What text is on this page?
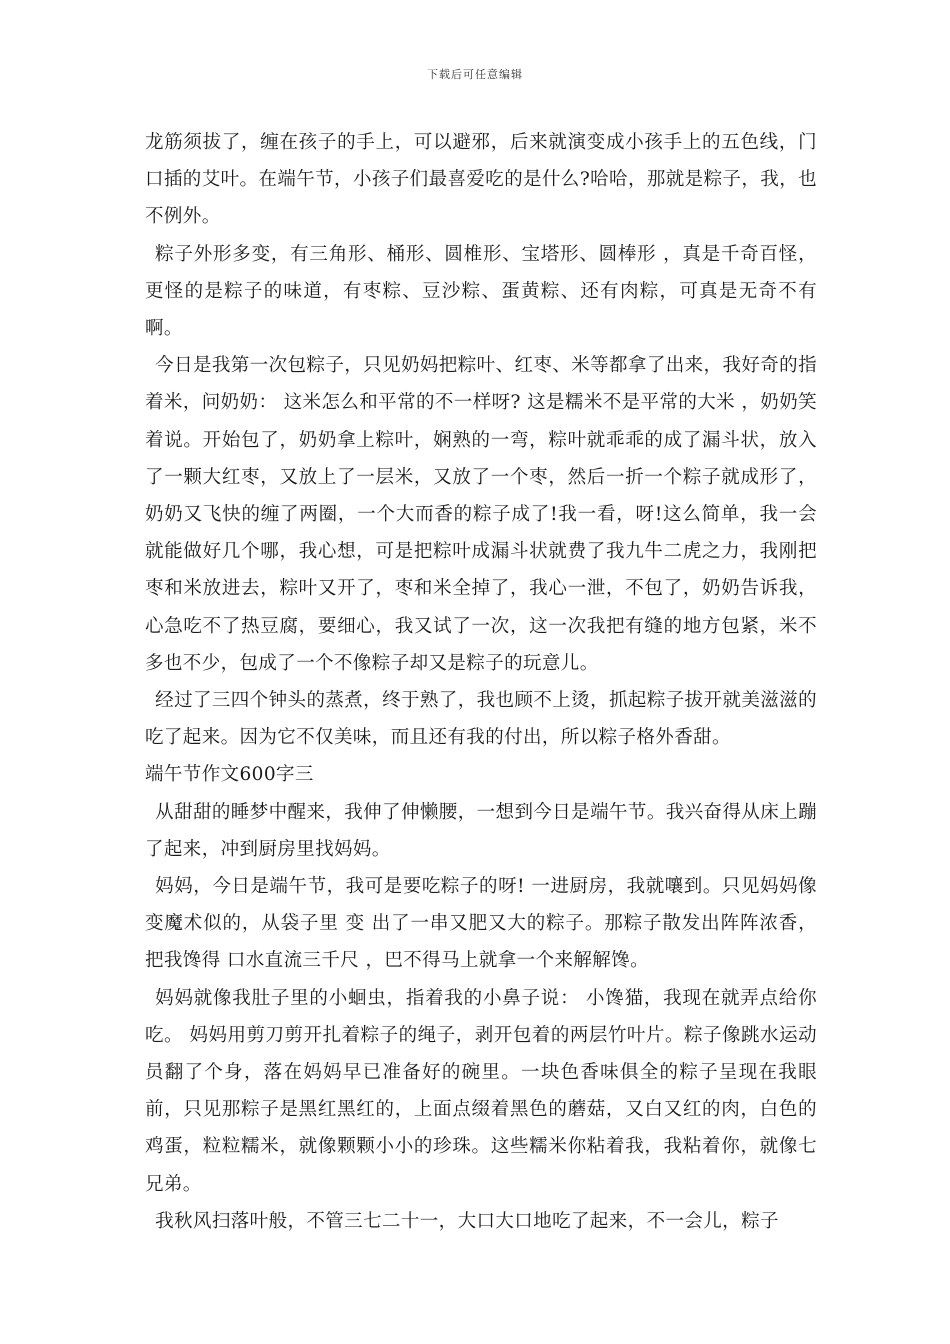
下载后可任意编辑

龙筋须拔了，缠在孩子的手上，可以避邪，后来就演变成小孩手上的五色线，门口插的艾叶。在端午节，小孩子们最喜爱吃的是什么?哈哈，那就是粽子，我，也不例外。

粽子外形多变，有三角形、桶形、圆椎形、宝塔形、圆棒形 ，真是千奇百怪，更怪的是粽子的味道，有枣粽、豆沙粽、蛋黄粽、还有肉粽，可真是无奇不有啊。

今日是我第一次包粽子，只见奶妈把粽叶、红枣、米等都拿了出来，我好奇的指着米，问奶奶： 这米怎么和平常的不一样呀? 这是糯米不是平常的大米 ，奶奶笑着说。开始包了，奶奶拿上粽叶，娴熟的一弯，粽叶就乖乖的成了漏斗状，放入了一颗大红枣，又放上了一层米，又放了一个枣，然后一折一个粽子就成形了，奶奶又飞快的缠了两圈，一个大而香的粽子成了!我一看，呀!这么简单，我一会就能做好几个哪，我心想，可是把粽叶成漏斗状就费了我九牛二虎之力，我刚把枣和米放进去，粽叶又开了，枣和米全掉了，我心一泄，不包了，奶奶告诉我，心急吃不了热豆腐，要细心，我又试了一次，这一次我把有缝的地方包紧，米不多也不少，包成了一个不像粽子却又是粽子的玩意儿。

经过了三四个钟头的蒸煮，终于熟了，我也顾不上烫，抓起粽子拔开就美滋滋的吃了起来。因为它不仅美味，而且还有我的付出，所以粽子格外香甜。

端午节作文600字三

从甜甜的睡梦中醒来，我伸了伸懒腰，一想到今日是端午节。我兴奋得从床上蹦了起来，冲到厨房里找妈妈。

妈妈，今日是端午节，我可是要吃粽子的呀! 一进厨房，我就嚷到。只见妈妈像变魔术似的，从袋子里 变 出了一串又肥又大的粽子。那粽子散发出阵阵浓香，把我馋得 口水直流三千尺 ，巴不得马上就拿一个来解解馋。

妈妈就像我肚子里的小蛔虫，指着我的小鼻子说： 小馋猫，我现在就弄点给你吃。 妈妈用剪刀剪开扎着粽子的绳子，剥开包着的两层竹叶片。粽子像跳水运动员翻了个身，落在妈妈早已准备好的碗里。一块色香味俱全的粽子呈现在我眼前，只见那粽子是黑红黑红的，上面点缀着黑色的蘑菇，又白又红的肉，白色的鸡蛋，粒粒糯米，就像颗颗小小的珍珠。这些糯米你粘着我，我粘着你，就像七兄弟。

我秋风扫落叶般，不管三七二十一，大口大口地吃了起来，不一会儿，粽子
